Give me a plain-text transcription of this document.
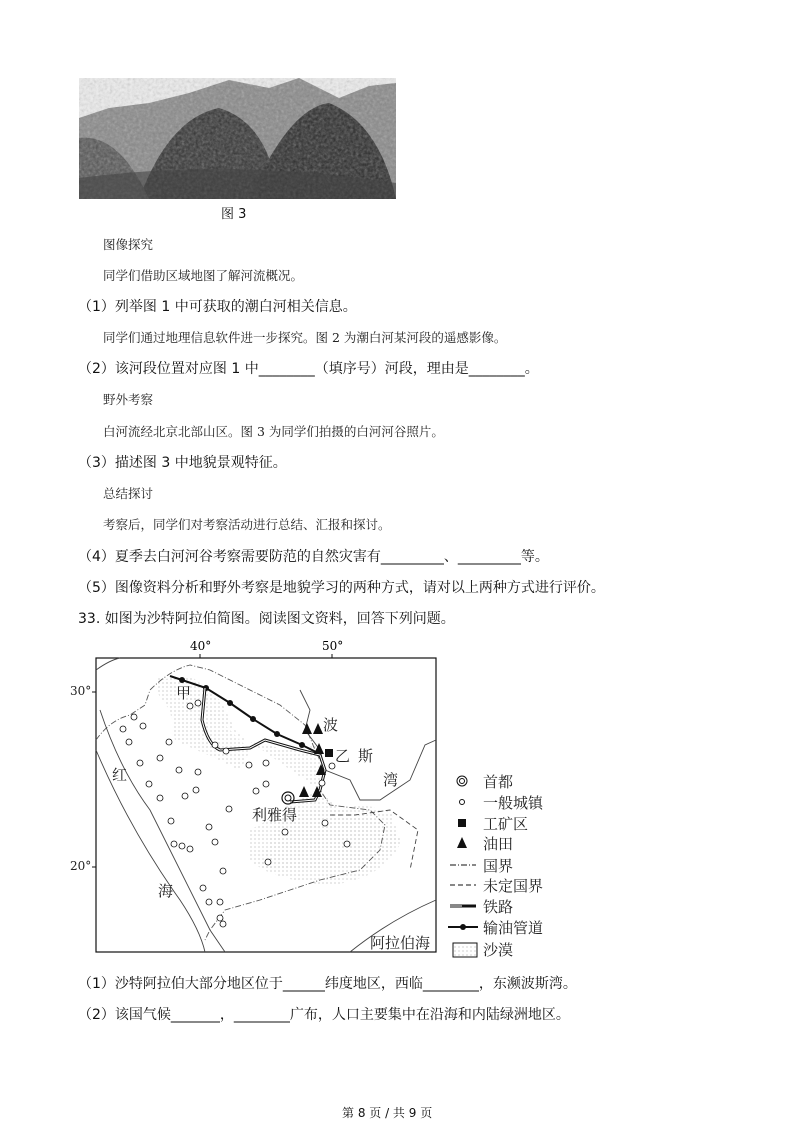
图 3
图像探究
同学们借助区域地图了解河流概况。
（1）列举图 1 中可获取的潮白河相关信息。
同学们通过地理信息软件进一步探究。图 2 为潮白河某河段的遥感影像。
（2）该河段位置对应图 1 中________（填序号）河段，理由是________。
野外考察
白河流经北京北部山区。图 3 为同学们拍摄的白河河谷照片。
（3）描述图 3 中地貌景观特征。
总结探讨
考察后，同学们对考察活动进行总结、汇报和探讨。
（4）夏季去白河河谷考察需要防范的自然灾害有_________、_________等。
（5）图像资料分析和野外考察是地貌学习的两种方式，请对以上两种方式进行评价。
33. 如图为沙特阿拉伯简图。阅读图文资料，回答下列问题。
40°	50°
甲
乙
利雅得
红
海
波
斯
湾
阿拉伯海
首都
一般城镇
工矿区
油田
国界
未定国界
铁路
输油管道
沙漠
30°
20°
（1）沙特阿拉伯大部分地区位于______纬度地区，西临________，东濒波斯湾。
（2）该国气候_______，________广布，人口主要集中在沿海和内陆绿洲地区。
第 8 页 / 共 9 页
